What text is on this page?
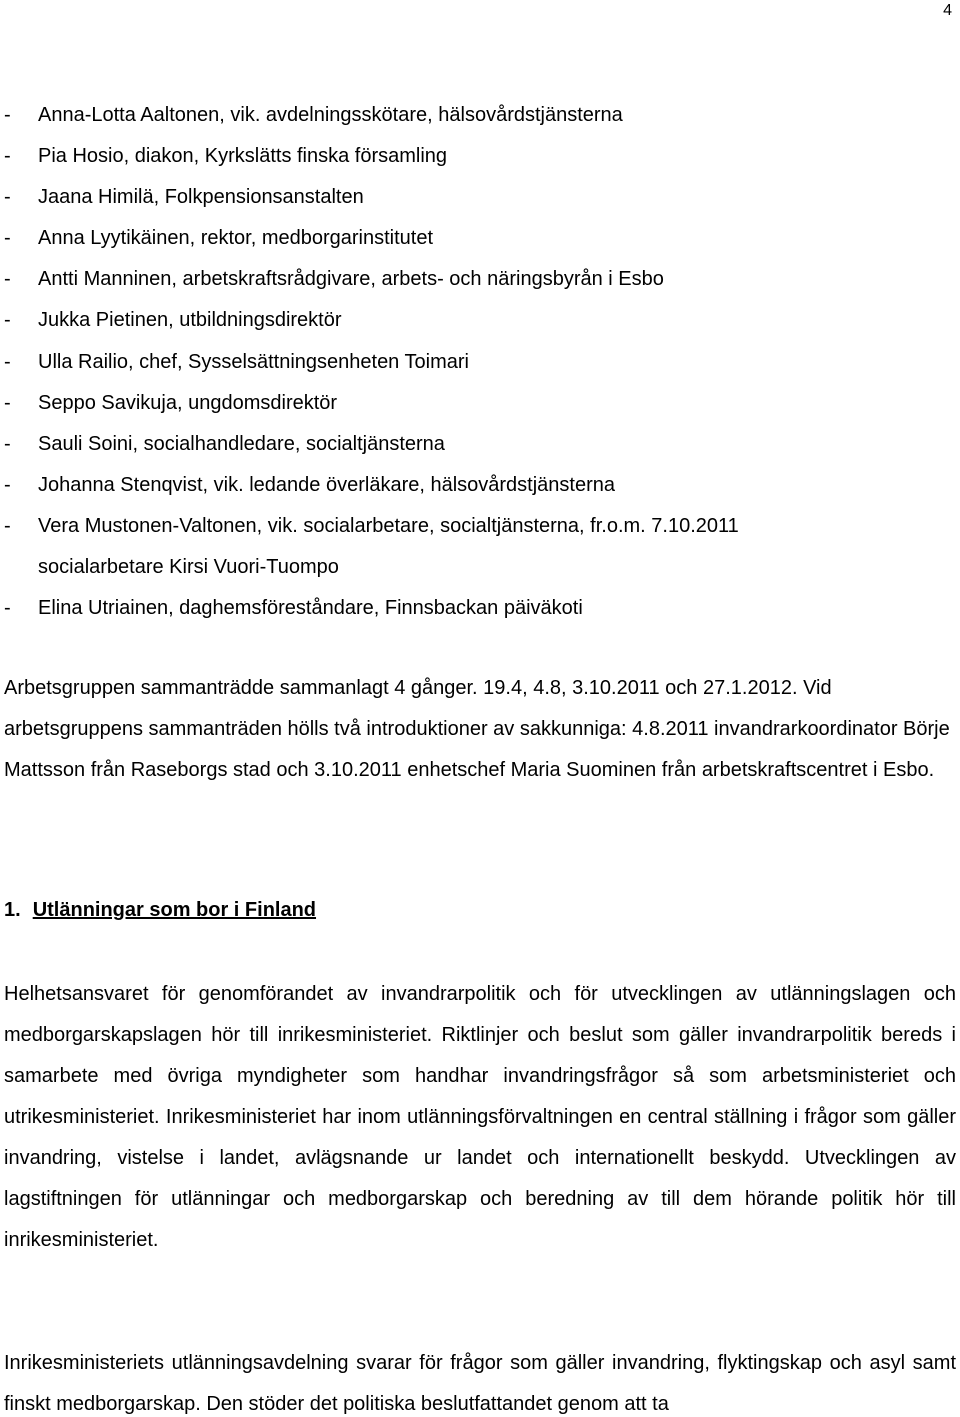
4
- Anna-Lotta Aaltonen, vik. avdelningsskötare, hälsovårdstjänsterna
- Pia Hosio, diakon, Kyrkslätts finska församling
- Jaana Himilä, Folkpensionsanstalten
- Anna Lyytikäinen, rektor, medborgarinstitutet
- Antti Manninen, arbetskraftsrådgivare, arbets- och näringsbyrån i Esbo
- Jukka Pietinen, utbildningsdirektör
- Ulla Railio, chef, Sysselsättningsenheten Toimari
- Seppo Savikuja, ungdomsdirektör
- Sauli Soini, socialhandledare, socialtjänsterna
- Johanna Stenqvist, vik. ledande överläkare, hälsovårdstjänsterna
- Vera Mustonen-Valtonen, vik. socialarbetare, socialtjänsterna, fr.o.m. 7.10.2011
socialarbetare Kirsi Vuori-Tuompo
- Elina Utriainen, daghemsföreståndare, Finnsbackan päiväkoti

Arbetsgruppen sammanträdde sammanlagt 4 gånger. 19.4, 4.8, 3.10.2011 och 27.1.2012. Vid arbetsgruppens sammanträden hölls två introduktioner av sakkunniga: 4.8.2011 invandrarkoordinator Börje Mattsson från Raseborgs stad och 3.10.2011 enhetschef Maria Suominen från arbetskraftscentret i Esbo.

1. Utlänningar som bor i Finland

Helhetsansvaret för genomförandet av invandrarpolitik och för utvecklingen av utlänningslagen och medborgarskapslagen hör till inrikesministeriet. Riktlinjer och beslut som gäller invandrarpolitik bereds i samarbete med övriga myndigheter som handhar invandringsfrågor så som arbetsministeriet och utrikesministeriet. Inrikesministeriet har inom utlänningsförvaltningen en central ställning i frågor som gäller invandring, vistelse i landet, avlägsnande ur landet och internationellt beskydd. Utvecklingen av lagstiftningen för utlänningar och medborgarskap och beredning av till dem hörande politik hör till inrikesministeriet.

Inrikesministeriets utlänningsavdelning svarar för frågor som gäller invandring, flyktingskap och asyl samt finskt medborgarskap. Den stöder det politiska beslutfattandet genom att ta
